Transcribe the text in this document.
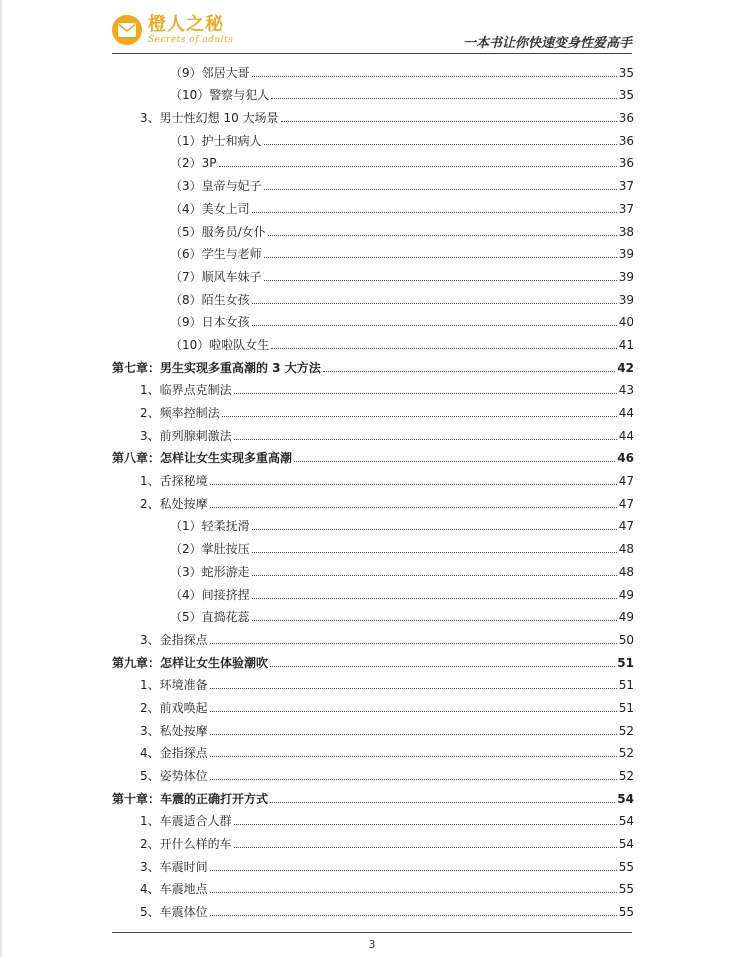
橙人之秘
Secrets of adults	一本书让你快速变身性爱高手
（9）邻居大哥	35
（10）警察与犯人	35
3、男士性幻想 10 大场景	36
（1）护士和病人	36
（2）3P	36
（3）皇帝与妃子	37
（4）美女上司	37
（5）服务员/女仆	38
（6）学生与老师	39
（7）顺风车妹子	39
（8）陌生女孩	39
（9）日本女孩	40
（10）啦啦队女生	41
第七章：男生实现多重高潮的 3 大方法	42
1、临界点克制法	43
2、频率控制法	44
3、前列腺刺激法	44
第八章：怎样让女生实现多重高潮	46
1、舌探秘境	47
2、私处按摩	47
（1）轻柔抚滑	47
（2）掌肚按压	48
（3）蛇形游走	48
（4）间接挤捏	49
（5）直捣花蕊	49
3、金指探点	50
第九章：怎样让女生体验潮吹	51
1、环境准备	51
2、前戏唤起	51
3、私处按摩	52
4、金指探点	52
5、姿势体位	52
第十章：车震的正确打开方式	54
1、车震适合人群	54
2、开什么样的车	54
3、车震时间	55
4、车震地点	55
5、车震体位	55
3
